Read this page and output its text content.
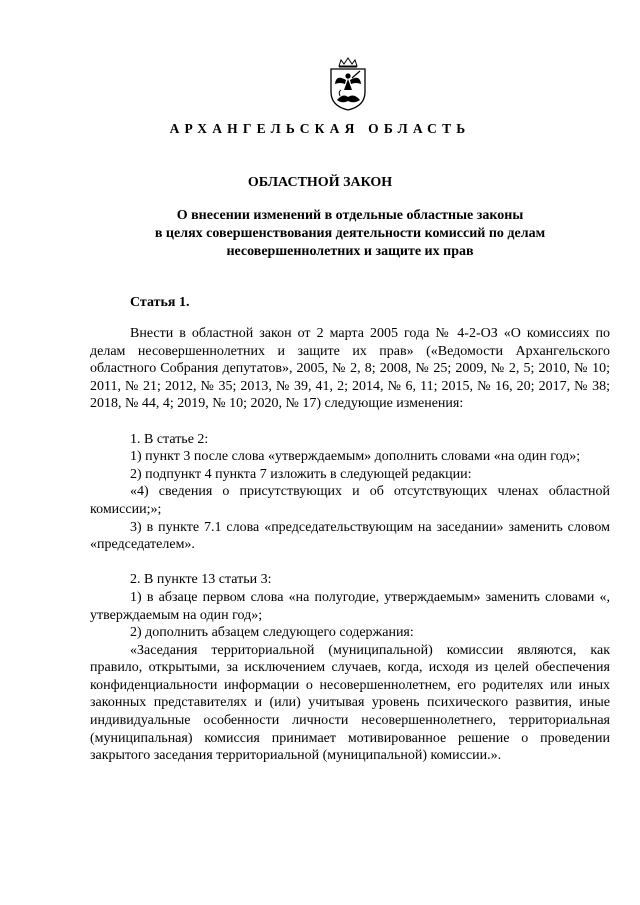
АРХАНГЕЛЬСКАЯ ОБЛАСТЬ
ОБЛАСТНОЙ ЗАКОН
О внесении изменений в отдельные областные законы
в целях совершенствования деятельности комиссий по делам
несовершеннолетних и защите их прав
Статья 1.

Внести в областной закон от 2 марта 2005 года № 4-2-ОЗ «О комиссиях по делам несовершеннолетних и защите их прав» («Ведомости Архангельского областного Собрания депутатов», 2005, № 2, 8; 2008, № 25; 2009, № 2, 5; 2010, № 10; 2011, № 21; 2012, № 35; 2013, № 39, 41, 2; 2014, № 6, 11; 2015, № 16, 20; 2017, № 38; 2018, № 44, 4; 2019, № 10; 2020, № 17) следующие изменения:

1. В статье 2:

1) пункт 3 после слова «утверждаемым» дополнить словами «на один год»;

2) подпункт 4 пункта 7 изложить в следующей редакции:

«4) сведения о присутствующих и об отсутствующих членах областной комиссии;»;

3) в пункте 7.1 слова «председательствующим на заседании» заменить словом «председателем».

2. В пункте 13 статьи 3:

1) в абзаце первом слова «на полугодие, утверждаемым» заменить словами «, утверждаемым на один год»;

2) дополнить абзацем следующего содержания:

«Заседания территориальной (муниципальной) комиссии являются, как правило, открытыми, за исключением случаев, когда, исходя из целей обеспечения конфиденциальности информации о несовершеннолетнем, его родителях или иных законных представителях и (или) учитывая уровень психического развития, иные индивидуальные особенности личности несовершеннолетнего, территориальная (муниципальная) комиссия принимает мотивированное решение о проведении закрытого заседания территориальной (муниципальной) комиссии.».
